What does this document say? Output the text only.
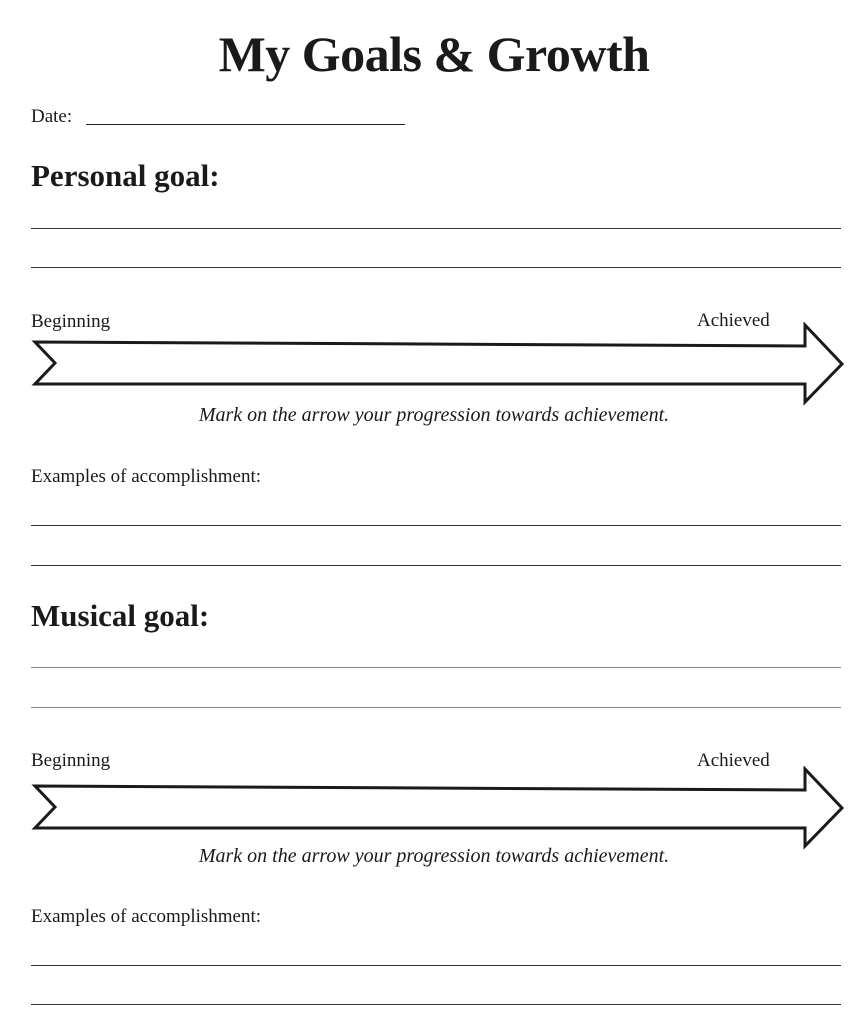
My Goals & Growth
Date:
Personal goal:
Beginning	Achieved
Mark on the arrow your progression towards achievement.
Examples of accomplishment:
Musical goal:
Beginning	Achieved
Mark on the arrow your progression towards achievement.
Examples of accomplishment:
